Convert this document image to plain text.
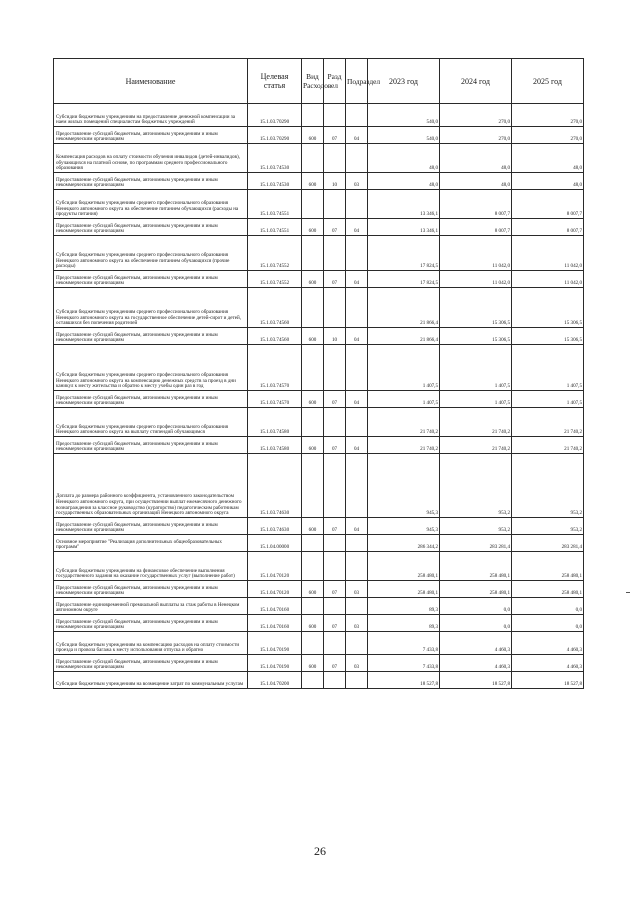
Наименование	Целевая статья	Вид Расходов	Разд ел	Подраздел	2023 год	2024 год	2025 год
Субсидии бюджетным учреждениям на предоставление денежной компенсации за наем жилых помещений специалистам бюджетных учреждений	15.1.03.70290				540,0	270,0	270,0
Предоставление субсидий бюджетным, автономным учреждениям и иным некоммерческим организациям	15.1.03.70290	600	07	04	540,0	270,0	270,0
Компенсация расходов на оплату стоимости обучения инвалидов (детей-инвалидов), обучающихся на платной основе, по программам среднего профессионального образования	15.1.03.74530				48,0	48,0	48,0
Предоставление субсидий бюджетным, автономным учреждениям и иным некоммерческим организациям	15.1.03.74530	600	10	03	48,0	48,0	48,0
Субсидии бюджетным учреждениям среднего профессионального образования Ненецкого автономного округа на обеспечение питанием обучающихся (расходы на продукты питания)	15.1.03.74551				13 346,1	8 007,7	8 007,7
Предоставление субсидий бюджетным, автономным учреждениям и иным некоммерческим организациям	15.1.03.74551	600	07	04	13 346,1	8 007,7	8 007,7
Субсидии бюджетным учреждениям среднего профессионального образования Ненецкого автономного округа на обеспечение питанием обучающихся (прочие расходы)	15.1.03.74552				17 824,5	11 042,0	11 042,0
Предоставление субсидий бюджетным, автономным учреждениям и иным некоммерческим организациям	15.1.03.74552	600	07	04	17 824,5	11 042,0	11 042,0
Субсидии бюджетным учреждениям среднего профессионального образования Ненецкого автономного округа на государственное обеспечение детей-сирот и детей, оставшихся без попечения родителей	15.1.03.74560				21 866,4	15 306,5	15 306,5
Предоставление субсидий бюджетным, автономным учреждениям и иным некоммерческим организациям	15.1.03.74560	600	10	04	21 866,4	15 306,5	15 306,5
Субсидии бюджетным учреждениям среднего профессионального образования Ненецкого автономного округа на компенсацию денежных средств за проезд в дни каникул к месту жительства и обратно к месту учебы один раз в год	15.1.03.74570				1 407,5	1 407,5	1 407,5
Предоставление субсидий бюджетным, автономным учреждениям и иным некоммерческим организациям	15.1.03.74570	600	07	04	1 407,5	1 407,5	1 407,5
Субсидии бюджетным учреждениям среднего профессионального образования Ненецкого автономного округа на выплату стипендий обучающимся	15.1.03.74580				21 740,2	21 740,2	21 740,2
Предоставление субсидий бюджетным, автономным учреждениям и иным некоммерческим организациям	15.1.03.74580	600	07	04	21 740,2	21 740,2	21 740,2
Доплата до размера районного коэффициента, установленного законодательством Ненецкого автономного округа, при осуществлении выплат ежемесячного денежного вознаграждения за классное руководство (кураторство) педагогическим работникам государственных образовательных организаций Ненецкого автономного округа	15.1.03.74630				945,3	953,2	953,2
Предоставление субсидий бюджетным, автономным учреждениям и иным некоммерческим организациям	15.1.03.74630	600	07	04	945,3	953,2	953,2
Основное мероприятие "Реализация дополнительных общеобразовательных программ"	15.1.04.00000				286 344,2	283 281,4	283 281,4
Субсидии бюджетным учреждениям на финансовое обеспечение выполнения государственного задания на оказание государственных услуг (выполнение работ)	15.1.04.70120				258 480,1	258 480,1	258 480,1
Предоставление субсидий бюджетным, автономным учреждениям и иным некоммерческим организациям	15.1.04.70120	600	07	03	258 480,1	258 480,1	258 480,1
Предоставление единовременной премиальной выплаты за стаж работы в Ненецком автономном округе	15.1.04.70160				89,3	0,0	0,0
Предоставление субсидий бюджетным, автономным учреждениям и иным некоммерческим организациям	15.1.04.70160	600	07	03	89,3	0,0	0,0
Субсидии бюджетным учреждениям на компенсацию расходов на оплату стоимости проезда и провоза багажа к месту использования отпуска и обратно	15.1.04.70190				7 433,8	4 460,3	4 460,3
Предоставление субсидий бюджетным, автономным учреждениям и иным некоммерческим организациям	15.1.04.70190	600	07	03	7 433,8	4 460,3	4 460,3
Субсидии бюджетным учреждениям на возмещение затрат по коммунальным услугам	15.1.04.70200				18 527,8	18 527,8	18 527,8
26
